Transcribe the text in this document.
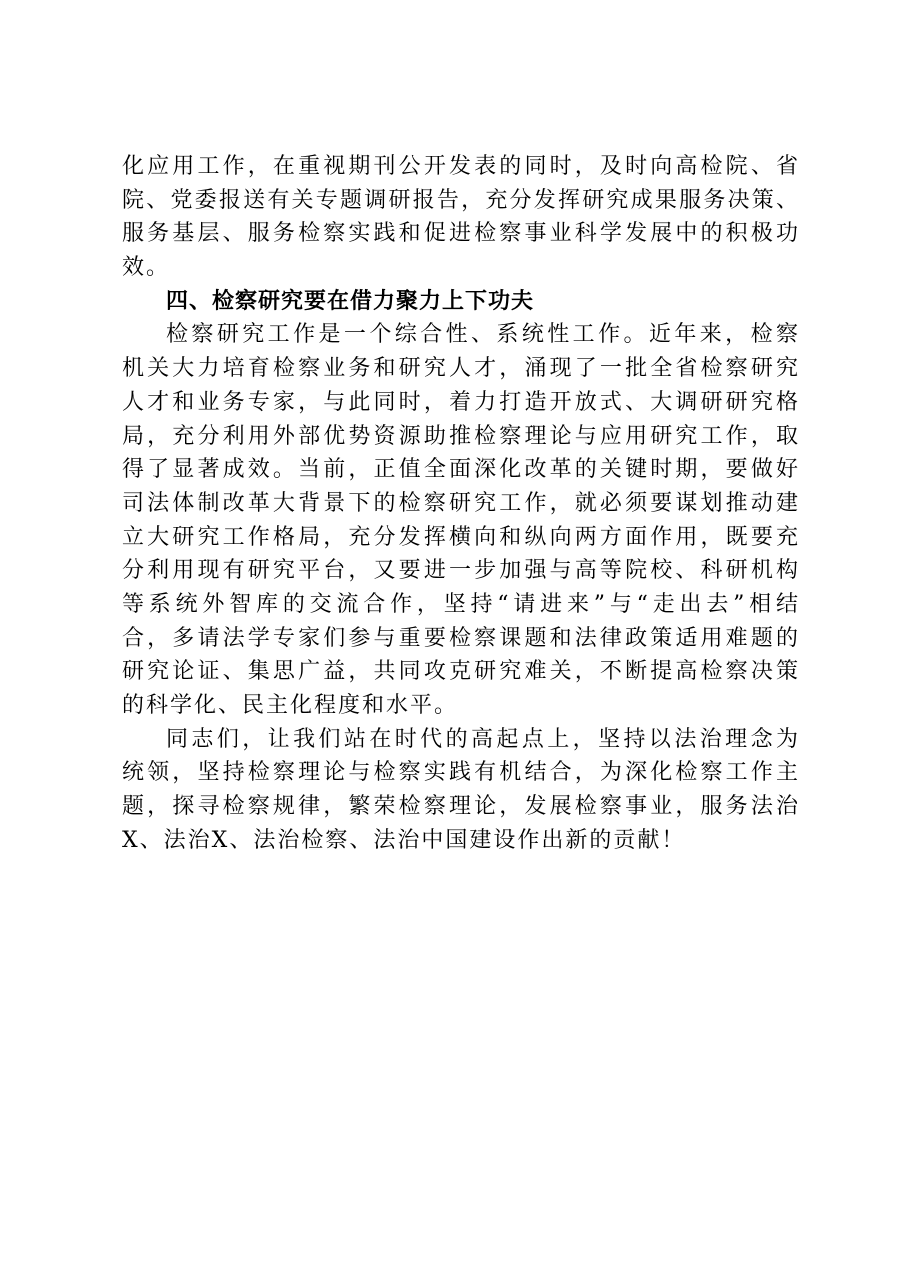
化应用工作，在重视期刊公开发表的同时，及时向高检院、省
院、党委报送有关专题调研报告，充分发挥研究成果服务决策、
服务基层、服务检察实践和促进检察事业科学发展中的积极功
效。
四、检察研究要在借力聚力上下功夫
检察研究工作是一个综合性、系统性工作。近年来，检察
机关大力培育检察业务和研究人才，涌现了一批全省检察研究
人才和业务专家，与此同时，着力打造开放式、大调研研究格
局，充分利用外部优势资源助推检察理论与应用研究工作，取
得了显著成效。当前，正值全面深化改革的关键时期，要做好
司法体制改革大背景下的检察研究工作，就必须要谋划推动建
立大研究工作格局，充分发挥横向和纵向两方面作用，既要充
分利用现有研究平台，又要进一步加强与高等院校、科研机构
等系统外智库的交流合作，坚持“请进来”与“走出去”相结
合，多请法学专家们参与重要检察课题和法律政策适用难题的
研究论证、集思广益，共同攻克研究难关，不断提高检察决策
的科学化、民主化程度和水平。
同志们，让我们站在时代的高起点上，坚持以法治理念为
统领，坚持检察理论与检察实践有机结合，为深化检察工作主
题，探寻检察规律，繁荣检察理论，发展检察事业，服务法治
X、法治X、法治检察、法治中国建设作出新的贡献！
